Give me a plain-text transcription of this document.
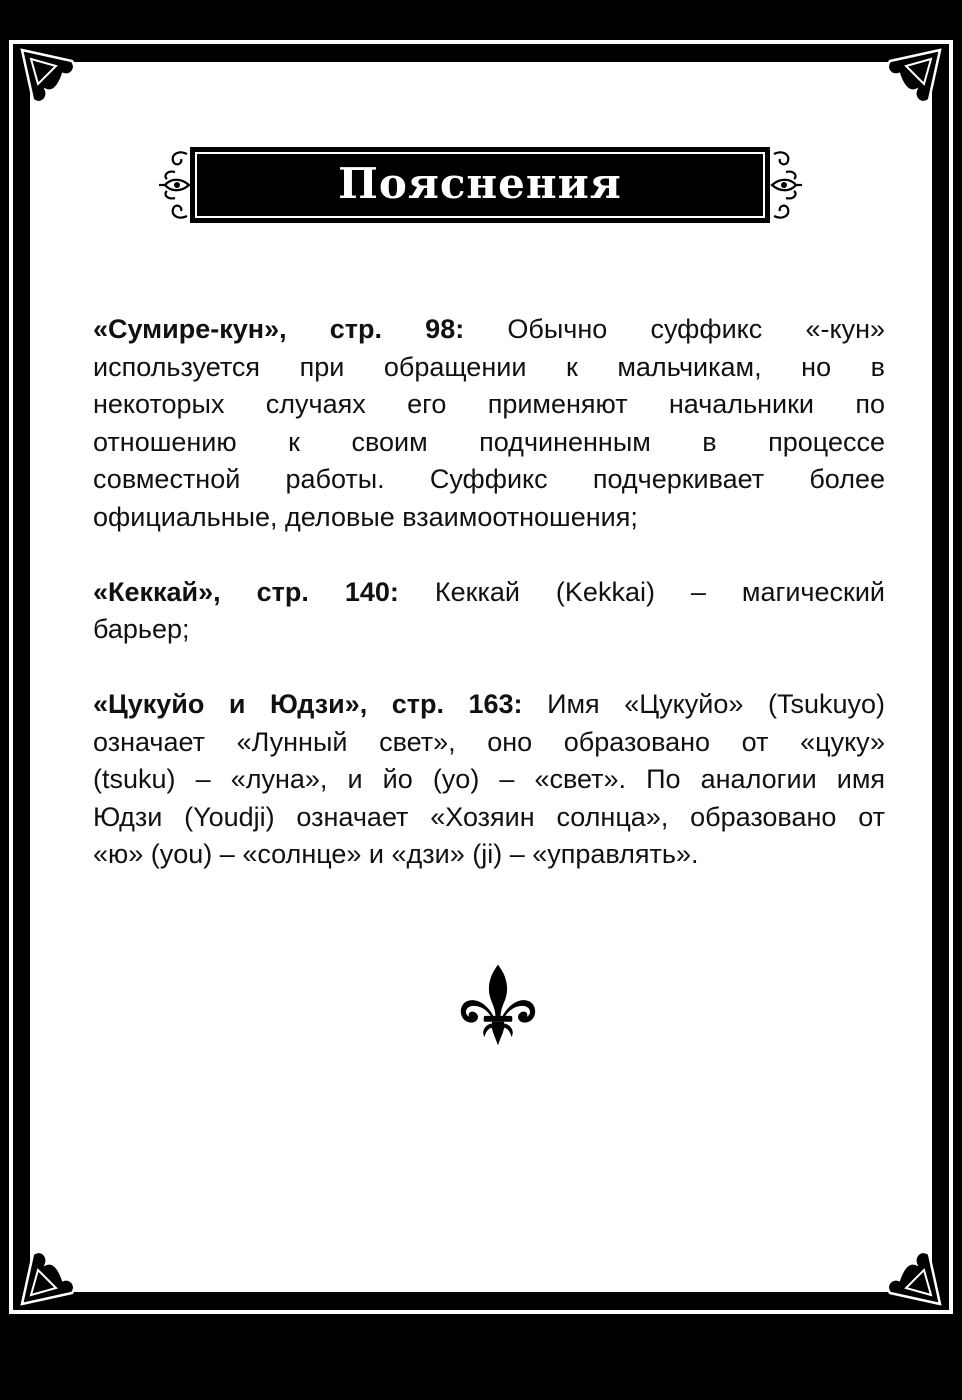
Пояснения
«Сумире-кун», стр. 98: Обычно суффикс «-кун»
используется при обращении к мальчикам, но в
некоторых случаях его применяют начальники по
отношению к своим подчиненным в процессе
совместной работы. Суффикс подчеркивает более
официальные, деловые взаимоотношения;
«Кеккай», стр. 140: Кеккай (Kekkai) – магический
барьер;
«Цукуйо и Юдзи», стр. 163: Имя «Цукуйо» (Tsukuyo)
означает «Лунный свет», оно образовано от «цуку»
(tsuku) – «луна», и йо (yo) – «свет». По аналогии имя
Юдзи (Youdji) означает «Хозяин солнца», образовано от
«ю» (you) – «солнце» и «дзи» (ji) – «управлять».
